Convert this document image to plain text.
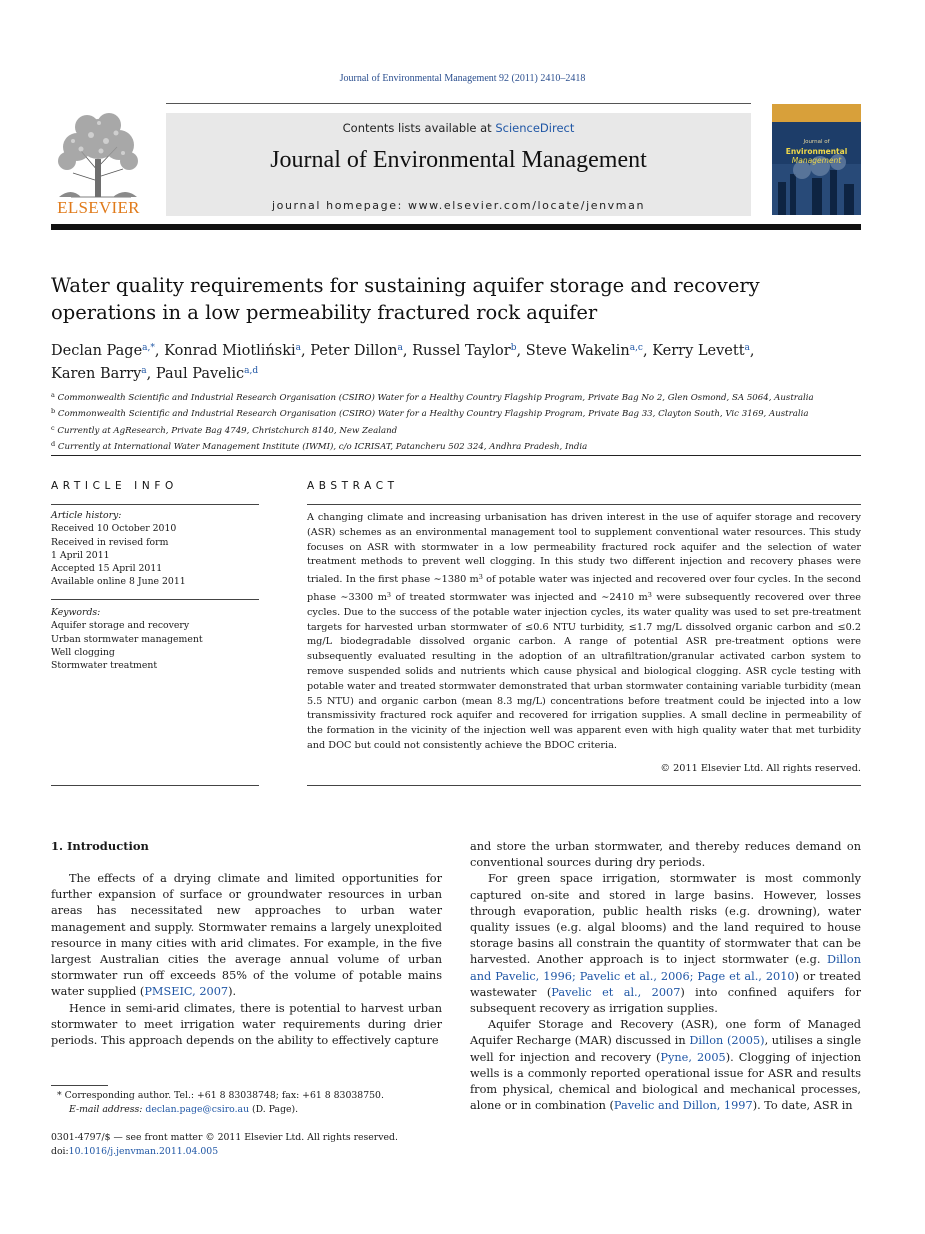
Journal of Environmental Management 92 (2011) 2410–2418
ELSEVIER
Contents lists available at ScienceDirect
Journal of Environmental Management
journal homepage: www.elsevier.com/locate/jenvman
Journal of
Environmental
Management
Water quality requirements for sustaining aquifer storage and recovery operations in a low permeability fractured rock aquifer
Declan Page$^{a,*}$, Konrad Miotliński$^a$, Peter Dillon$^a$, Russel Taylor$^b$, Steve Wakelin$^{a,c}$, Kerry Levett$^a$,
Karen Barry$^a$, Paul Pavelic$^{a,d}$
$^a$ Commonwealth Scientific and Industrial Research Organisation (CSIRO) Water for a Healthy Country Flagship Program, Private Bag No 2, Glen Osmond, SA 5064, Australia
$^b$ Commonwealth Scientific and Industrial Research Organisation (CSIRO) Water for a Healthy Country Flagship Program, Private Bag 33, Clayton South, Vic 3169, Australia
$^c$ Currently at AgResearch, Private Bag 4749, Christchurch 8140, New Zealand
$^d$ Currently at International Water Management Institute (IWMI), c/o ICRISAT, Patancheru 502 324, Andhra Pradesh, India
ARTICLE INFO
Article history:
Received 10 October 2010
Received in revised form
1 April 2011
Accepted 15 April 2011
Available online 8 June 2011
Keywords:
Aquifer storage and recovery
Urban stormwater management
Well clogging
Stormwater treatment
ABSTRACT
A changing climate and increasing urbanisation has driven interest in the use of aquifer storage and recovery (ASR) schemes as an environmental management tool to supplement conventional water resources. This study focuses on ASR with stormwater in a low permeability fractured rock aquifer and the selection of water treatment methods to prevent well clogging. In this study two different injection and recovery phases were trialed. In the first phase ∼1380 $m^3$ of potable water was injected and recovered over four cycles. In the second phase ∼3300 $m^3$ of treated stormwater was injected and ∼2410 $m^3$ were subsequently recovered over three cycles. Due to the success of the potable water injection cycles, its water quality was used to set pre-treatment targets for harvested urban stormwater of ≤0.6 NTU turbidity, ≤1.7 mg/L dissolved organic carbon and ≤0.2 mg/L biodegradable dissolved organic carbon. A range of potential ASR pre-treatment options were subsequently evaluated resulting in the adoption of an ultrafiltration/granular activated carbon system to remove suspended solids and nutrients which cause physical and biological clogging. ASR cycle testing with potable water and treated stormwater demonstrated that urban stormwater containing variable turbidity (mean 5.5 NTU) and organic carbon (mean 8.3 mg/L) concentrations before treatment could be injected into a low transmissivity fractured rock aquifer and recovered for irrigation supplies. A small decline in permeability of the formation in the vicinity of the injection well was apparent even with high quality water that met turbidity and DOC but could not consistently achieve the BDOC criteria.
© 2011 Elsevier Ltd. All rights reserved.
1. Introduction

The effects of a drying climate and limited opportunities for further expansion of surface or groundwater resources in urban areas has necessitated new approaches to urban water management and supply. Stormwater remains a largely unexploited resource in many cities with arid climates. For example, in the five largest Australian cities the average annual volume of urban stormwater run off exceeds 85% of the volume of potable mains water supplied (PMSEIC, 2007).

Hence in semi-arid climates, there is potential to harvest urban stormwater to meet irrigation water requirements during drier periods. This approach depends on the ability to effectively capture

and store the urban stormwater, and thereby reduces demand on conventional sources during dry periods.

For green space irrigation, stormwater is most commonly captured on-site and stored in large basins. However, losses through evaporation, public health risks (e.g. drowning), water quality issues (e.g. algal blooms) and the land required to house storage basins all constrain the quantity of stormwater that can be harvested. Another approach is to inject stormwater (e.g. Dillon and Pavelic, 1996; Pavelic et al., 2006; Page et al., 2010) or treated wastewater (Pavelic et al., 2007) into confined aquifers for subsequent recovery as irrigation supplies.

Aquifer Storage and Recovery (ASR), one form of Managed Aquifer Recharge (MAR) discussed in Dillon (2005), utilises a single well for injection and recovery (Pyne, 2005). Clogging of injection wells is a commonly reported operational issue for ASR and results from physical, chemical and biological and mechanical processes, alone or in combination (Pavelic and Dillon, 1997). To date, ASR in

* Corresponding author. Tel.: +61 8 83038748; fax: +61 8 83038750.
E-mail address: declan.page@csiro.au (D. Page).
0301-4797/$ — see front matter © 2011 Elsevier Ltd. All rights reserved.
doi:10.1016/j.jenvman.2011.04.005
